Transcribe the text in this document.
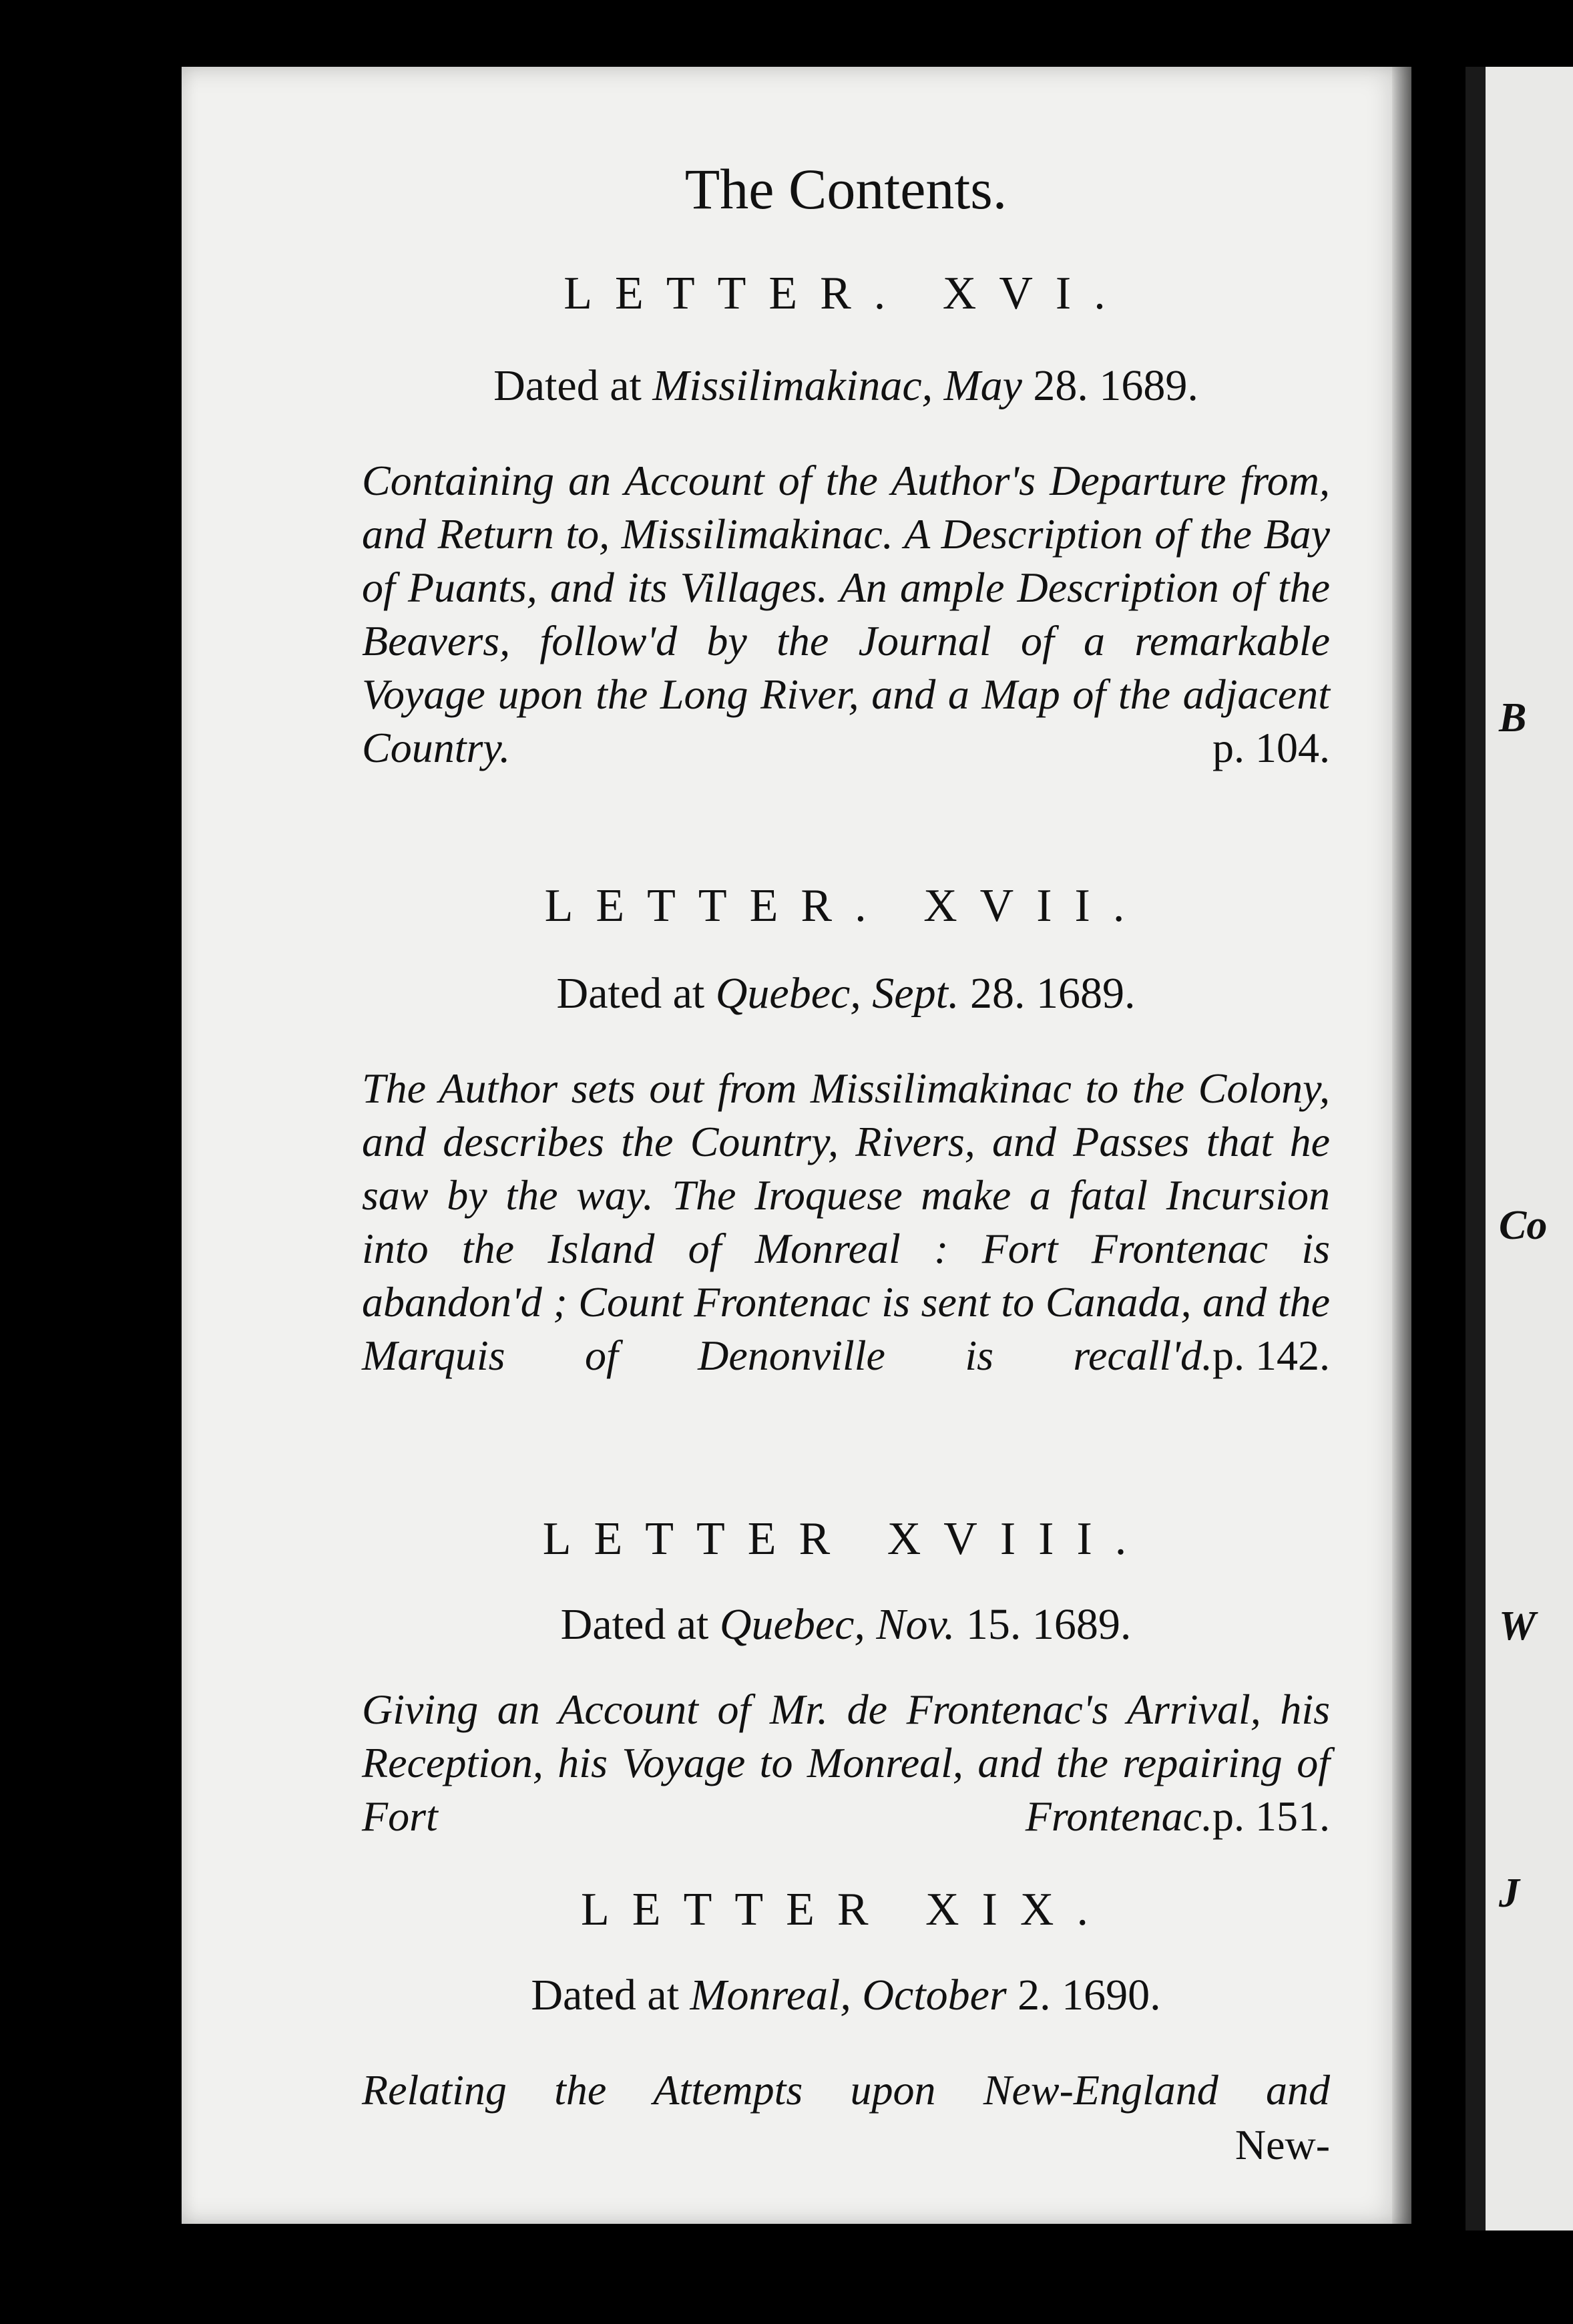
B
Co
W
J
The Contents.
LETTER. XVI.

Dated at Missilimakinac, May 28. 1689.

Containing an Account of the Author's Departure from, and Return to, Missilimakinac. A Description of the Bay of Puants, and its Villages. An ample Description of the Beavers, follow'd by the Journal of a remarkable Voyage upon the Long River, and a Map of the adjacent Country.	p. 104.

LETTER. XVII.

Dated at Quebec, Sept. 28. 1689.

The Author sets out from Missilimakinac to the Colony, and describes the Country, Rivers, and Passes that he saw by the way. The Iroquese make a fatal Incursion into the Island of Monreal : Fort Frontenac is abandon'd ; Count Frontenac is sent to Canada, and the Marquis of Denonville is recall'd. p. 142.

LETTER XVIII.

Dated at Quebec, Nov. 15. 1689.

Giving an Account of Mr. de Frontenac's Arrival, his Reception, his Voyage to Monreal, and the repairing of Fort Frontenac. p. 151.

LETTER XIX.

Dated at Monreal, October 2. 1690.

Relating the Attempts upon New-England and

New-
